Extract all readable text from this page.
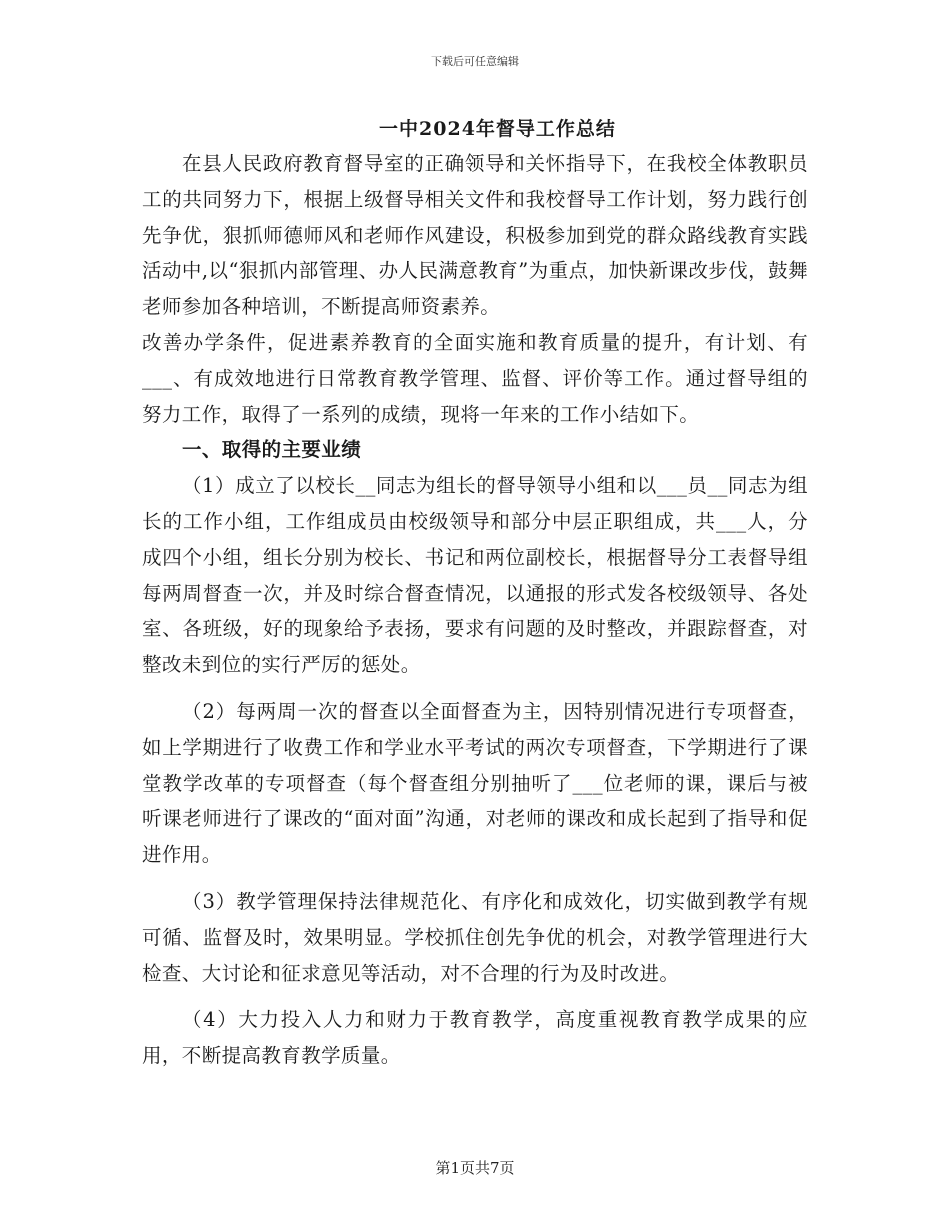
下载后可任意编辑
一中2024年督导工作总结

在县人民政府教育督导室的正确领导和关怀指导下，在我校全体教职员工的共同努力下，根据上级督导相关文件和我校督导工作计划，努力践行创先争优，狠抓师德师风和老师作风建设，积极参加到党的群众路线教育实践活动中,以“狠抓内部管理、办人民满意教育”为重点，加快新课改步伐，鼓舞老师参加各种培训，不断提高师资素养。

改善办学条件，促进素养教育的全面实施和教育质量的提升，有计划、有___、有成效地进行日常教育教学管理、监督、评价等工作。通过督导组的努力工作，取得了一系列的成绩，现将一年来的工作小结如下。

一、取得的主要业绩

（1）成立了以校长__同志为组长的督导领导小组和以___员__同志为组长的工作小组，工作组成员由校级领导和部分中层正职组成，共___人，分成四个小组，组长分别为校长、书记和两位副校长，根据督导分工表督导组每两周督查一次，并及时综合督查情况，以通报的形式发各校级领导、各处室、各班级，好的现象给予表扬，要求有问题的及时整改，并跟踪督查，对整改未到位的实行严厉的惩处。

（2）每两周一次的督查以全面督查为主，因特别情况进行专项督查，如上学期进行了收费工作和学业水平考试的两次专项督查，下学期进行了课堂教学改革的专项督查（每个督查组分别抽听了___位老师的课，课后与被听课老师进行了课改的“面对面”沟通，对老师的课改和成长起到了指导和促进作用。

（3）教学管理保持法律规范化、有序化和成效化，切实做到教学有规可循、监督及时，效果明显。学校抓住创先争优的机会，对教学管理进行大检查、大讨论和征求意见等活动，对不合理的行为及时改进。

（4）大力投入人力和财力于教育教学，高度重视教育教学成果的应用，不断提高教育教学质量。

第1页共7页
